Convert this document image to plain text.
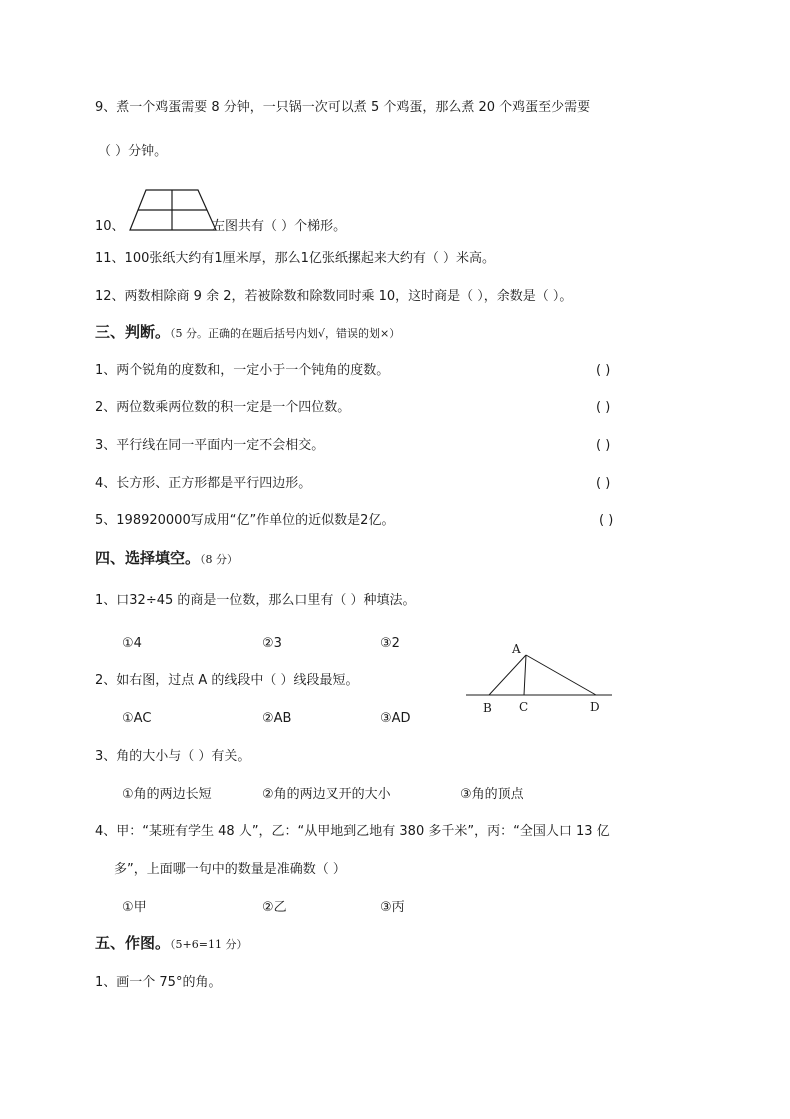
9、煮一个鸡蛋需要 8 分钟，一只锅一次可以煮 5 个鸡蛋，那么煮 20 个鸡蛋至少需要
（ ）分钟。
10、	左图共有（ ）个梯形。
11、100张纸大约有1厘米厚，那么1亿张纸摞起来大约有（ ）米高。
12、两数相除商 9 余 2，若被除数和除数同时乘 10，这时商是（ ），余数是（ ）。
三、判断。（5 分。正确的在题后括号内划√，错误的划×）
1、两个锐角的度数和，一定小于一个钝角的度数。	( )
2、两位数乘两位数的积一定是一个四位数。	( )
3、平行线在同一平面内一定不会相交。	( )
4、长方形、正方形都是平行四边形。	( )
5、198920000写成用“亿”作单位的近似数是2亿。	( )
四、选择填空。（8 分）
1、口32÷45 的商是一位数，那么口里有（ ）种填法。
①4	②3	③2
2、如右图，过点 A 的线段中（ ）线段最短。
①AC	②AB	③AD
A
B C	D
3、角的大小与（ ）有关。
①角的两边长短	②角的两边叉开的大小	③角的顶点
4、甲：“某班有学生 48 人”，乙：“从甲地到乙地有 380 多千米”，丙：“全国人口 13 亿
多”，上面哪一句中的数量是准确数（ ）
①甲	②乙	③丙
五、作图。（5+6=11 分）
1、画一个 75°的角。
